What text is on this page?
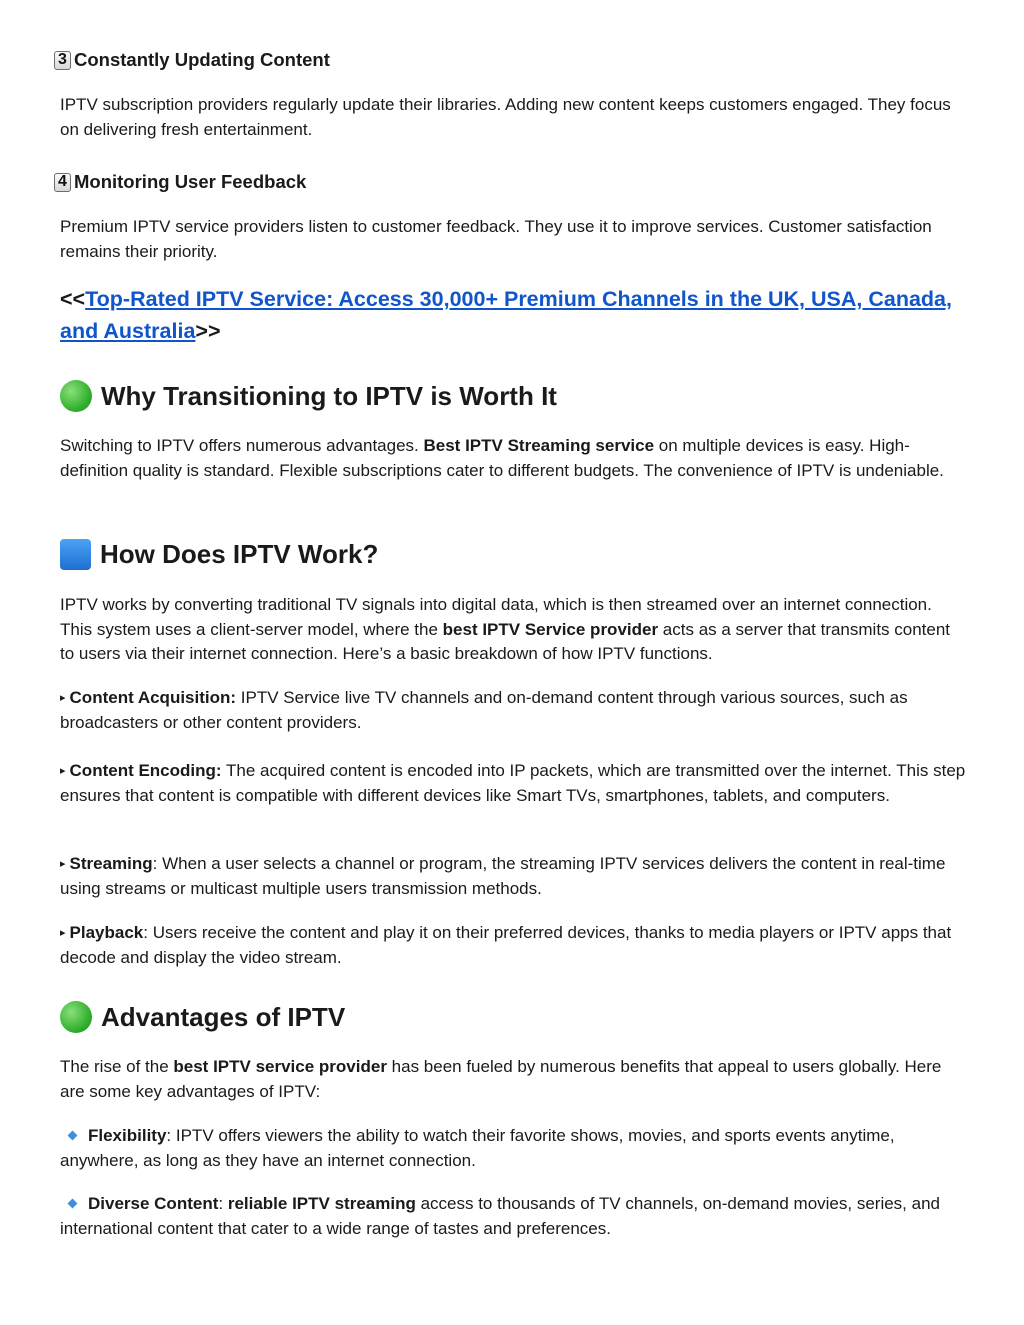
3 Constantly Updating Content

IPTV subscription providers regularly update their libraries. Adding new content keeps customers engaged. They focus on delivering fresh entertainment.

4 Monitoring User Feedback

Premium IPTV service providers listen to customer feedback. They use it to improve services. Customer satisfaction remains their priority.

<<Top-Rated IPTV Service: Access 30,000+ Premium Channels in the UK, USA, Canada, and Australia>>

Why Transitioning to IPTV is Worth It

Switching to IPTV offers numerous advantages. Best IPTV Streaming service on multiple devices is easy. High-definition quality is standard. Flexible subscriptions cater to different budgets. The convenience of IPTV is undeniable.

How Does IPTV Work?

IPTV works by converting traditional TV signals into digital data, which is then streamed over an internet connection. This system uses a client-server model, where the best IPTV Service provider acts as a server that transmits content to users via their internet connection. Here’s a basic breakdown of how IPTV functions.

▸ Content Acquisition: IPTV Service live TV channels and on-demand content through various sources, such as broadcasters or other content providers.

▸ Content Encoding: The acquired content is encoded into IP packets, which are transmitted over the internet. This step ensures that content is compatible with different devices like Smart TVs, smartphones, tablets, and computers.

▸ Streaming: When a user selects a channel or program, the streaming IPTV services delivers the content in real-time using streams or multicast multiple users transmission methods.

▸ Playback: Users receive the content and play it on their preferred devices, thanks to media players or IPTV apps that decode and display the video stream.

Advantages of IPTV

The rise of the best IPTV service provider has been fueled by numerous benefits that appeal to users globally. Here are some key advantages of IPTV:

Flexibility: IPTV offers viewers the ability to watch their favorite shows, movies, and sports events anytime, anywhere, as long as they have an internet connection.

Diverse Content: reliable IPTV streaming access to thousands of TV channels, on-demand movies, series, and international content that cater to a wide range of tastes and preferences.
